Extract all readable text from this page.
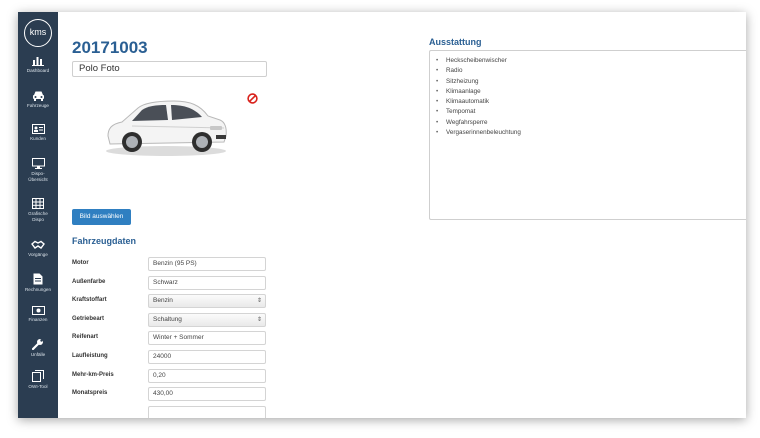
kms
Dashboard
Fahrzeuge
Kunden
Dispo-Übersicht
Grafische Dispo
Vorgänge
Rechnungen
Finanzen
Unfälle
OWI-Tool
20171003
Polo Foto
Bild auswählen
Fahrzeugdaten
Motor	Benzin (95 PS)
Außenfarbe	Schwarz
Kraftstoffart	Benzin	⇕
Getriebeart	Schaltung	⇕
Reifenart	Winter + Sommer
Laufleistung	24000
Mehr-km-Preis	0,20
Monatspreis	430,00
Ausstattung
• Heckscheibenwischer
• Radio
• Sitzheizung
• Klimaanlage
• Klimaautomatik
• Tempomat
• Wegfahrsperre
• Vergaserinnenbeleuchtung
